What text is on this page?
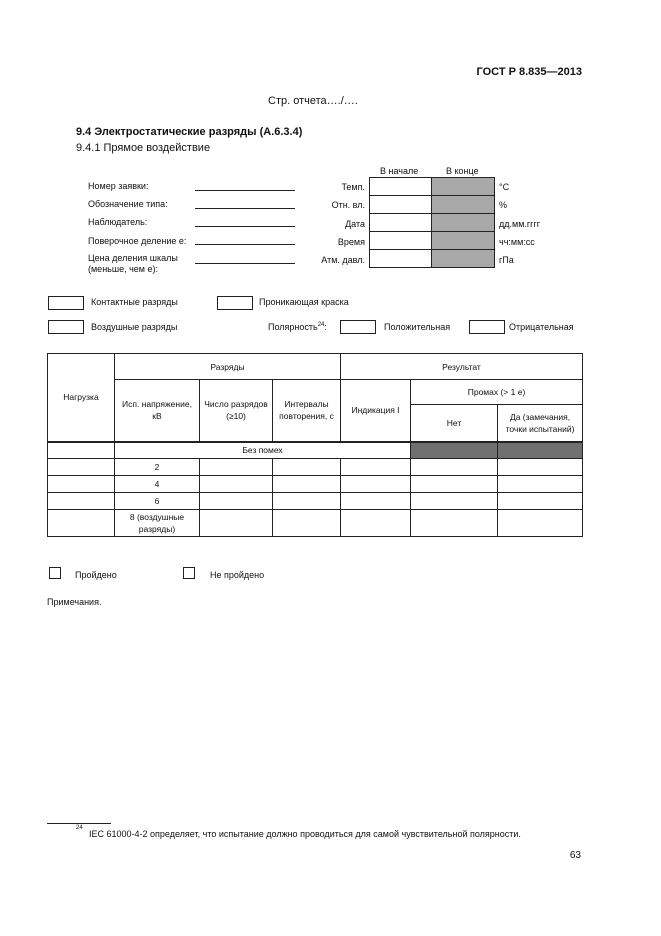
ГОСТ Р 8.835—2013
Стр. отчета…./….
9.4 Электростатические разряды (А.6.3.4)
9.4.1 Прямое воздействие
Номер заявки:
Обозначение типа:
Наблюдатель:
Поверочное деление e:
Цена деления шкалы (меньше, чем e):
В начале	В конце
Темп.	°C
Отн. вл.	%
Дата	дд.мм.гггг
Время	чч:мм:сс
Атм. давл.	гПа
Контактные разряды	Проникающая краска
Воздушные разряды	Полярность$^{24}$:	Положительная	Отрицательная
Нагрузка	Разряды			Результат		
	Исп. напряжение, кВ	Число разрядов (≥10)	Интервалы повторения, с	Индикация I	Промах (> 1 e)	
					Нет	Да (замечания, точки испытаний)
	Без помех					
	2					
	4					
	6					
	8 (воздушные разряды)					
Пройдено	Не пройдено
Примечания.
24
IEC 61000-4-2 определяет, что испытание должно проводиться для самой чувствительной полярности.
63
